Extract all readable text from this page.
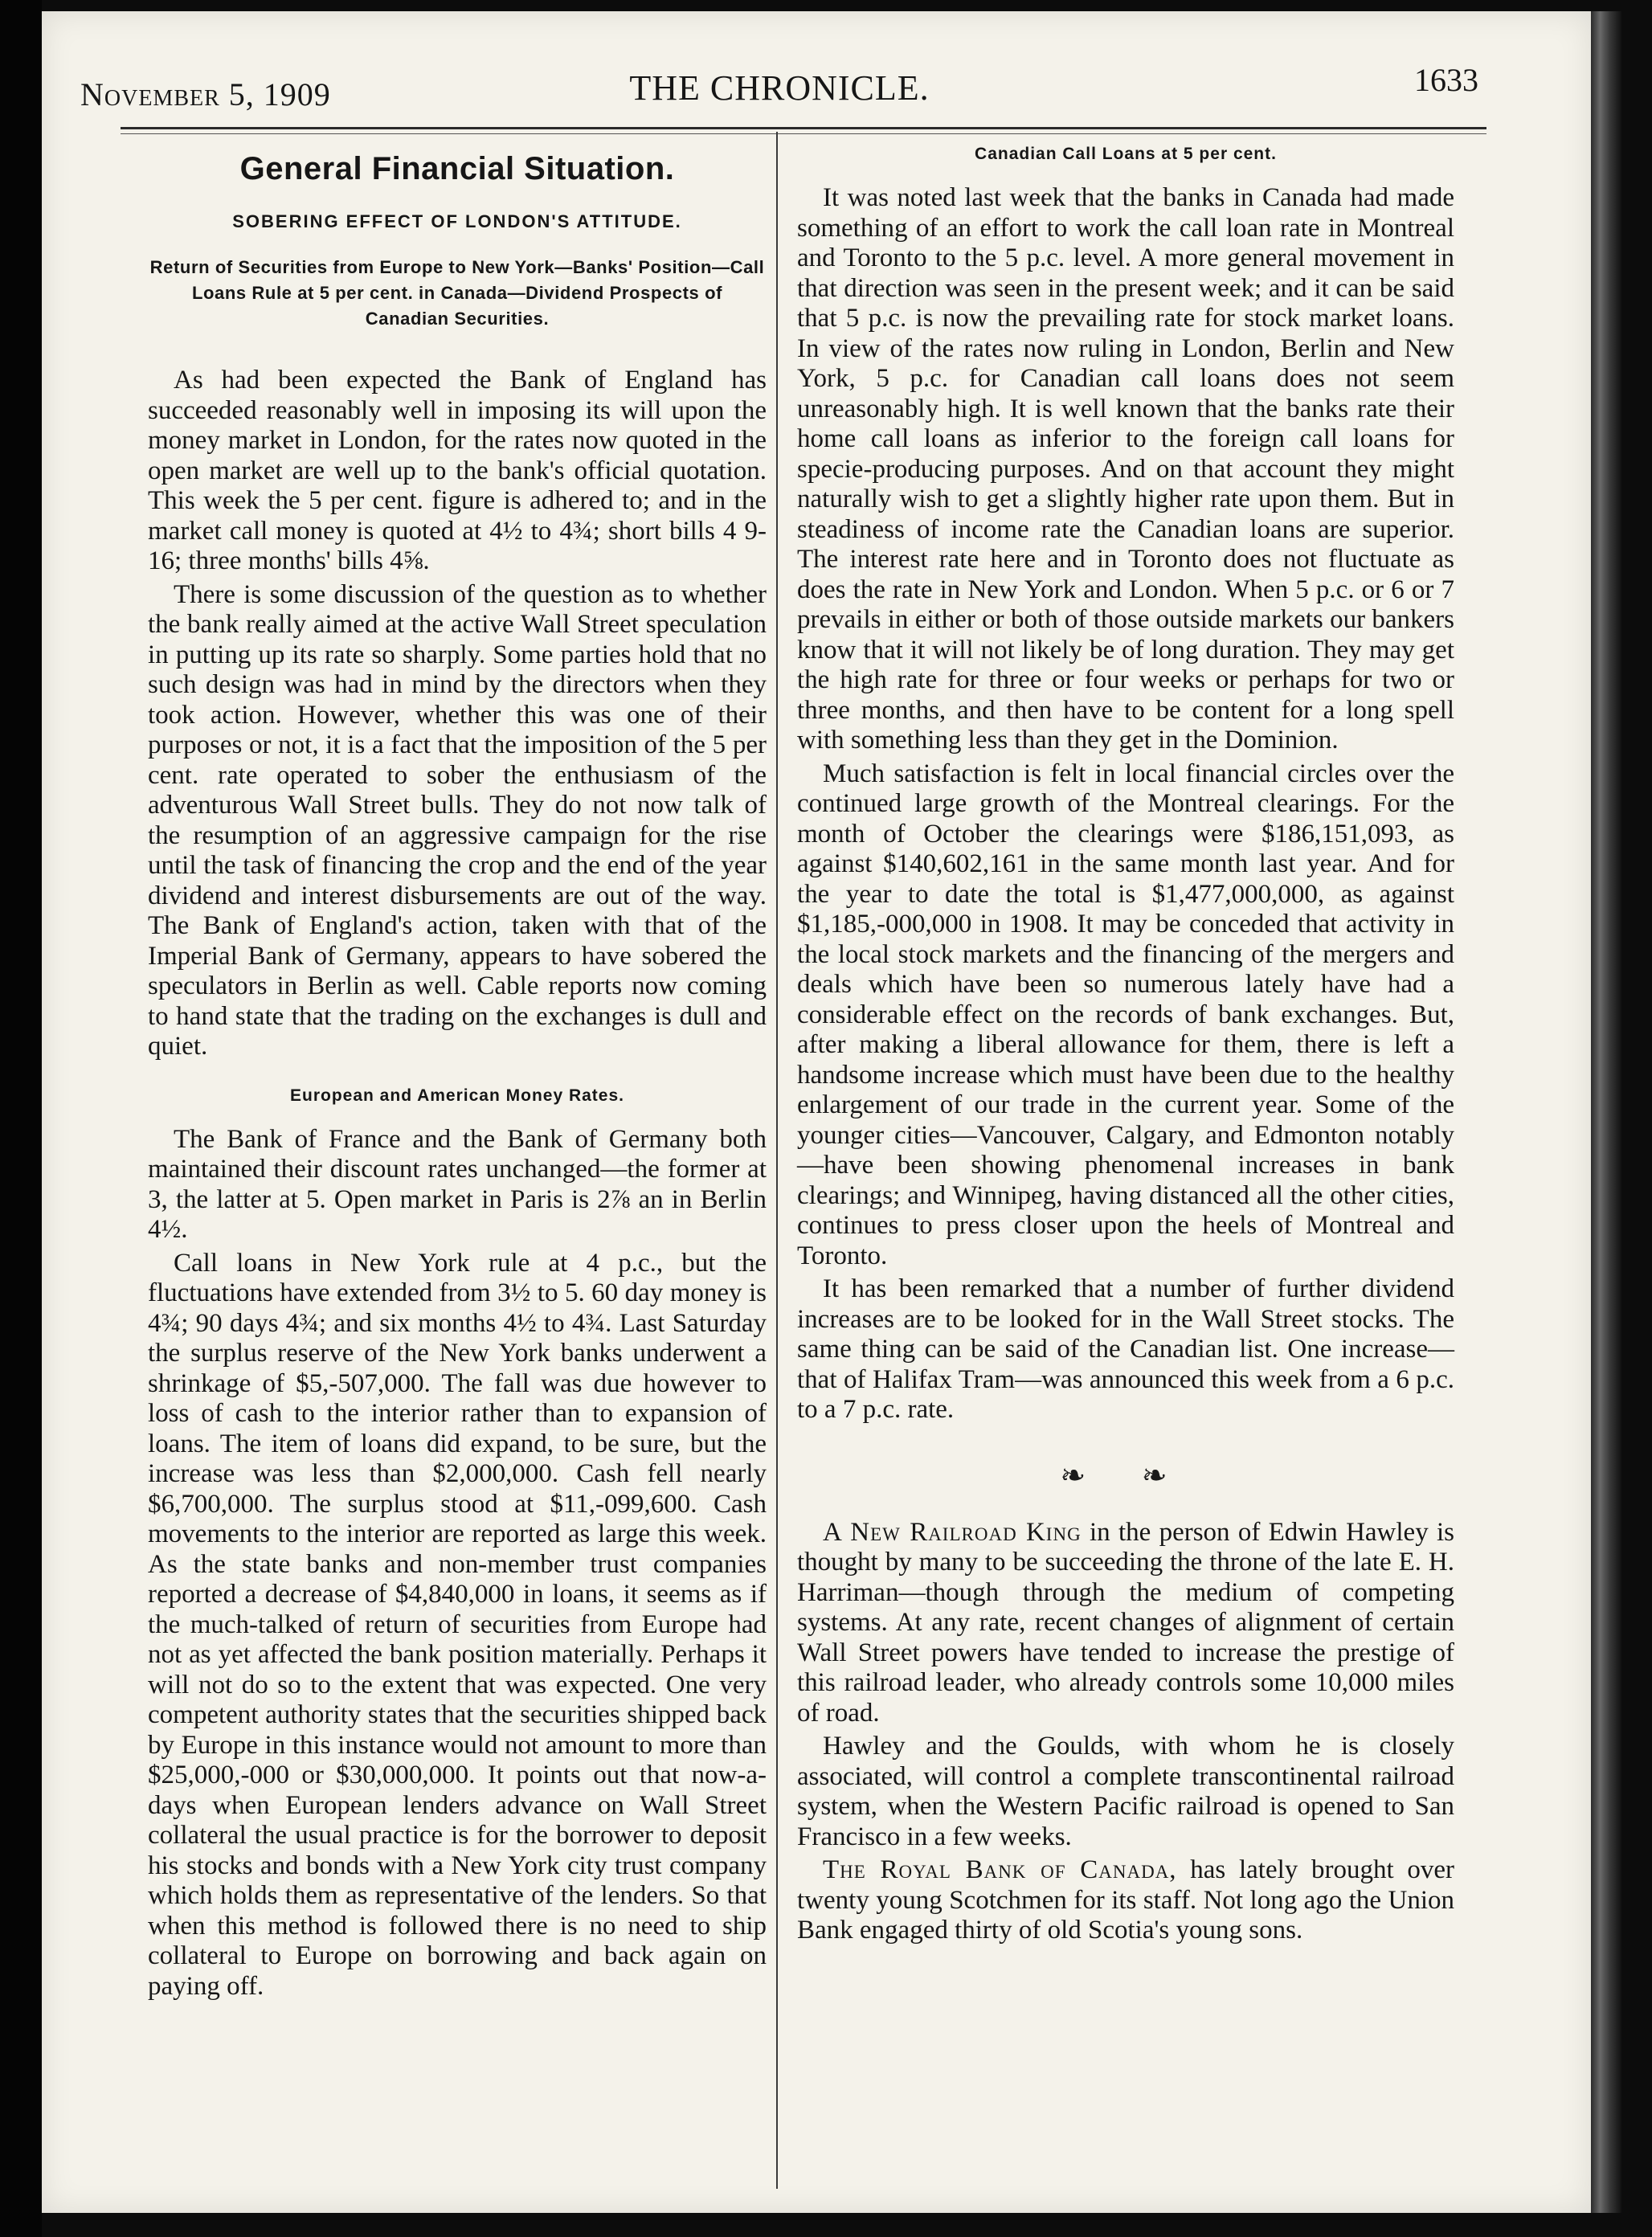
November 5, 1909	THE CHRONICLE.	1633
General Financial Situation.
SOBERING EFFECT OF LONDON'S ATTITUDE.
Return of Securities from Europe to New York—Banks' Position—Call Loans Rule at 5 per cent. in Canada—Dividend Prospects of Canadian Securities.

As had been expected the Bank of England has succeeded reasonably well in imposing its will upon the money market in London, for the rates now quoted in the open market are well up to the bank's official quotation. This week the 5 per cent. figure is adhered to; and in the market call money is quoted at 4½ to 4¾; short bills 4 9-16; three months' bills 4⅝.

There is some discussion of the question as to whether the bank really aimed at the active Wall Street speculation in putting up its rate so sharply. Some parties hold that no such design was had in mind by the directors when they took action. However, whether this was one of their purposes or not, it is a fact that the imposition of the 5 per cent. rate operated to sober the enthusiasm of the adventurous Wall Street bulls. They do not now talk of the resumption of an aggressive campaign for the rise until the task of financing the crop and the end of the year dividend and interest disbursements are out of the way. The Bank of England's action, taken with that of the Imperial Bank of Germany, appears to have sobered the speculators in Berlin as well. Cable reports now coming to hand state that the trading on the exchanges is dull and quiet.

European and American Money Rates.

The Bank of France and the Bank of Germany both maintained their discount rates unchanged—the former at 3, the latter at 5. Open market in Paris is 2⅞ an in Berlin 4½.

Call loans in New York rule at 4 p.c., but the fluctuations have extended from 3½ to 5. 60 day money is 4¾; 90 days 4¾; and six months 4½ to 4¾. Last Saturday the surplus reserve of the New York banks underwent a shrinkage of $5,-507,000. The fall was due however to loss of cash to the interior rather than to expansion of loans. The item of loans did expand, to be sure, but the increase was less than $2,000,000. Cash fell nearly $6,700,000. The surplus stood at $11,-099,600. Cash movements to the interior are reported as large this week. As the state banks and non-member trust companies reported a decrease of $4,840,000 in loans, it seems as if the much-talked of return of securities from Europe had not as yet affected the bank position materially. Perhaps it will not do so to the extent that was expected. One very competent authority states that the securities shipped back by Europe in this instance would not amount to more than $25,000,-000 or $30,000,000. It points out that now-a-days when European lenders advance on Wall Street collateral the usual practice is for the borrower to deposit his stocks and bonds with a New York city trust company which holds them as representative of the lenders. So that when this method is followed there is no need to ship collateral to Europe on borrowing and back again on paying off.

Canadian Call Loans at 5 per cent.

It was noted last week that the banks in Canada had made something of an effort to work the call loan rate in Montreal and Toronto to the 5 p.c. level. A more general movement in that direction was seen in the present week; and it can be said that 5 p.c. is now the prevailing rate for stock market loans. In view of the rates now ruling in London, Berlin and New York, 5 p.c. for Canadian call loans does not seem unreasonably high. It is well known that the banks rate their home call loans as inferior to the foreign call loans for specie-producing purposes. And on that account they might naturally wish to get a slightly higher rate upon them. But in steadiness of income rate the Canadian loans are superior. The interest rate here and in Toronto does not fluctuate as does the rate in New York and London. When 5 p.c. or 6 or 7 prevails in either or both of those outside markets our bankers know that it will not likely be of long duration. They may get the high rate for three or four weeks or perhaps for two or three months, and then have to be content for a long spell with something less than they get in the Dominion.

Much satisfaction is felt in local financial circles over the continued large growth of the Montreal clearings. For the month of October the clearings were $186,151,093, as against $140,602,161 in the same month last year. And for the year to date the total is $1,477,000,000, as against $1,185,-000,000 in 1908. It may be conceded that activity in the local stock markets and the financing of the mergers and deals which have been so numerous lately have had a considerable effect on the records of bank exchanges. But, after making a liberal allowance for them, there is left a handsome increase which must have been due to the healthy enlargement of our trade in the current year. Some of the younger cities—Vancouver, Calgary, and Edmonton notably—have been showing phenomenal increases in bank clearings; and Winnipeg, having distanced all the other cities, continues to press closer upon the heels of Montreal and Toronto.

It has been remarked that a number of further dividend increases are to be looked for in the Wall Street stocks. The same thing can be said of the Canadian list. One increase—that of Halifax Tram—was announced this week from a 6 p.c. to a 7 p.c. rate.

❧ ❧

A New Railroad King in the person of Edwin Hawley is thought by many to be succeeding the throne of the late E. H. Harriman—though through the medium of competing systems. At any rate, recent changes of alignment of certain Wall Street powers have tended to increase the prestige of this railroad leader, who already controls some 10,000 miles of road.

Hawley and the Goulds, with whom he is closely associated, will control a complete transcontinental railroad system, when the Western Pacific railroad is opened to San Francisco in a few weeks.

The Royal Bank of Canada, has lately brought over twenty young Scotchmen for its staff. Not long ago the Union Bank engaged thirty of old Scotia's young sons.
